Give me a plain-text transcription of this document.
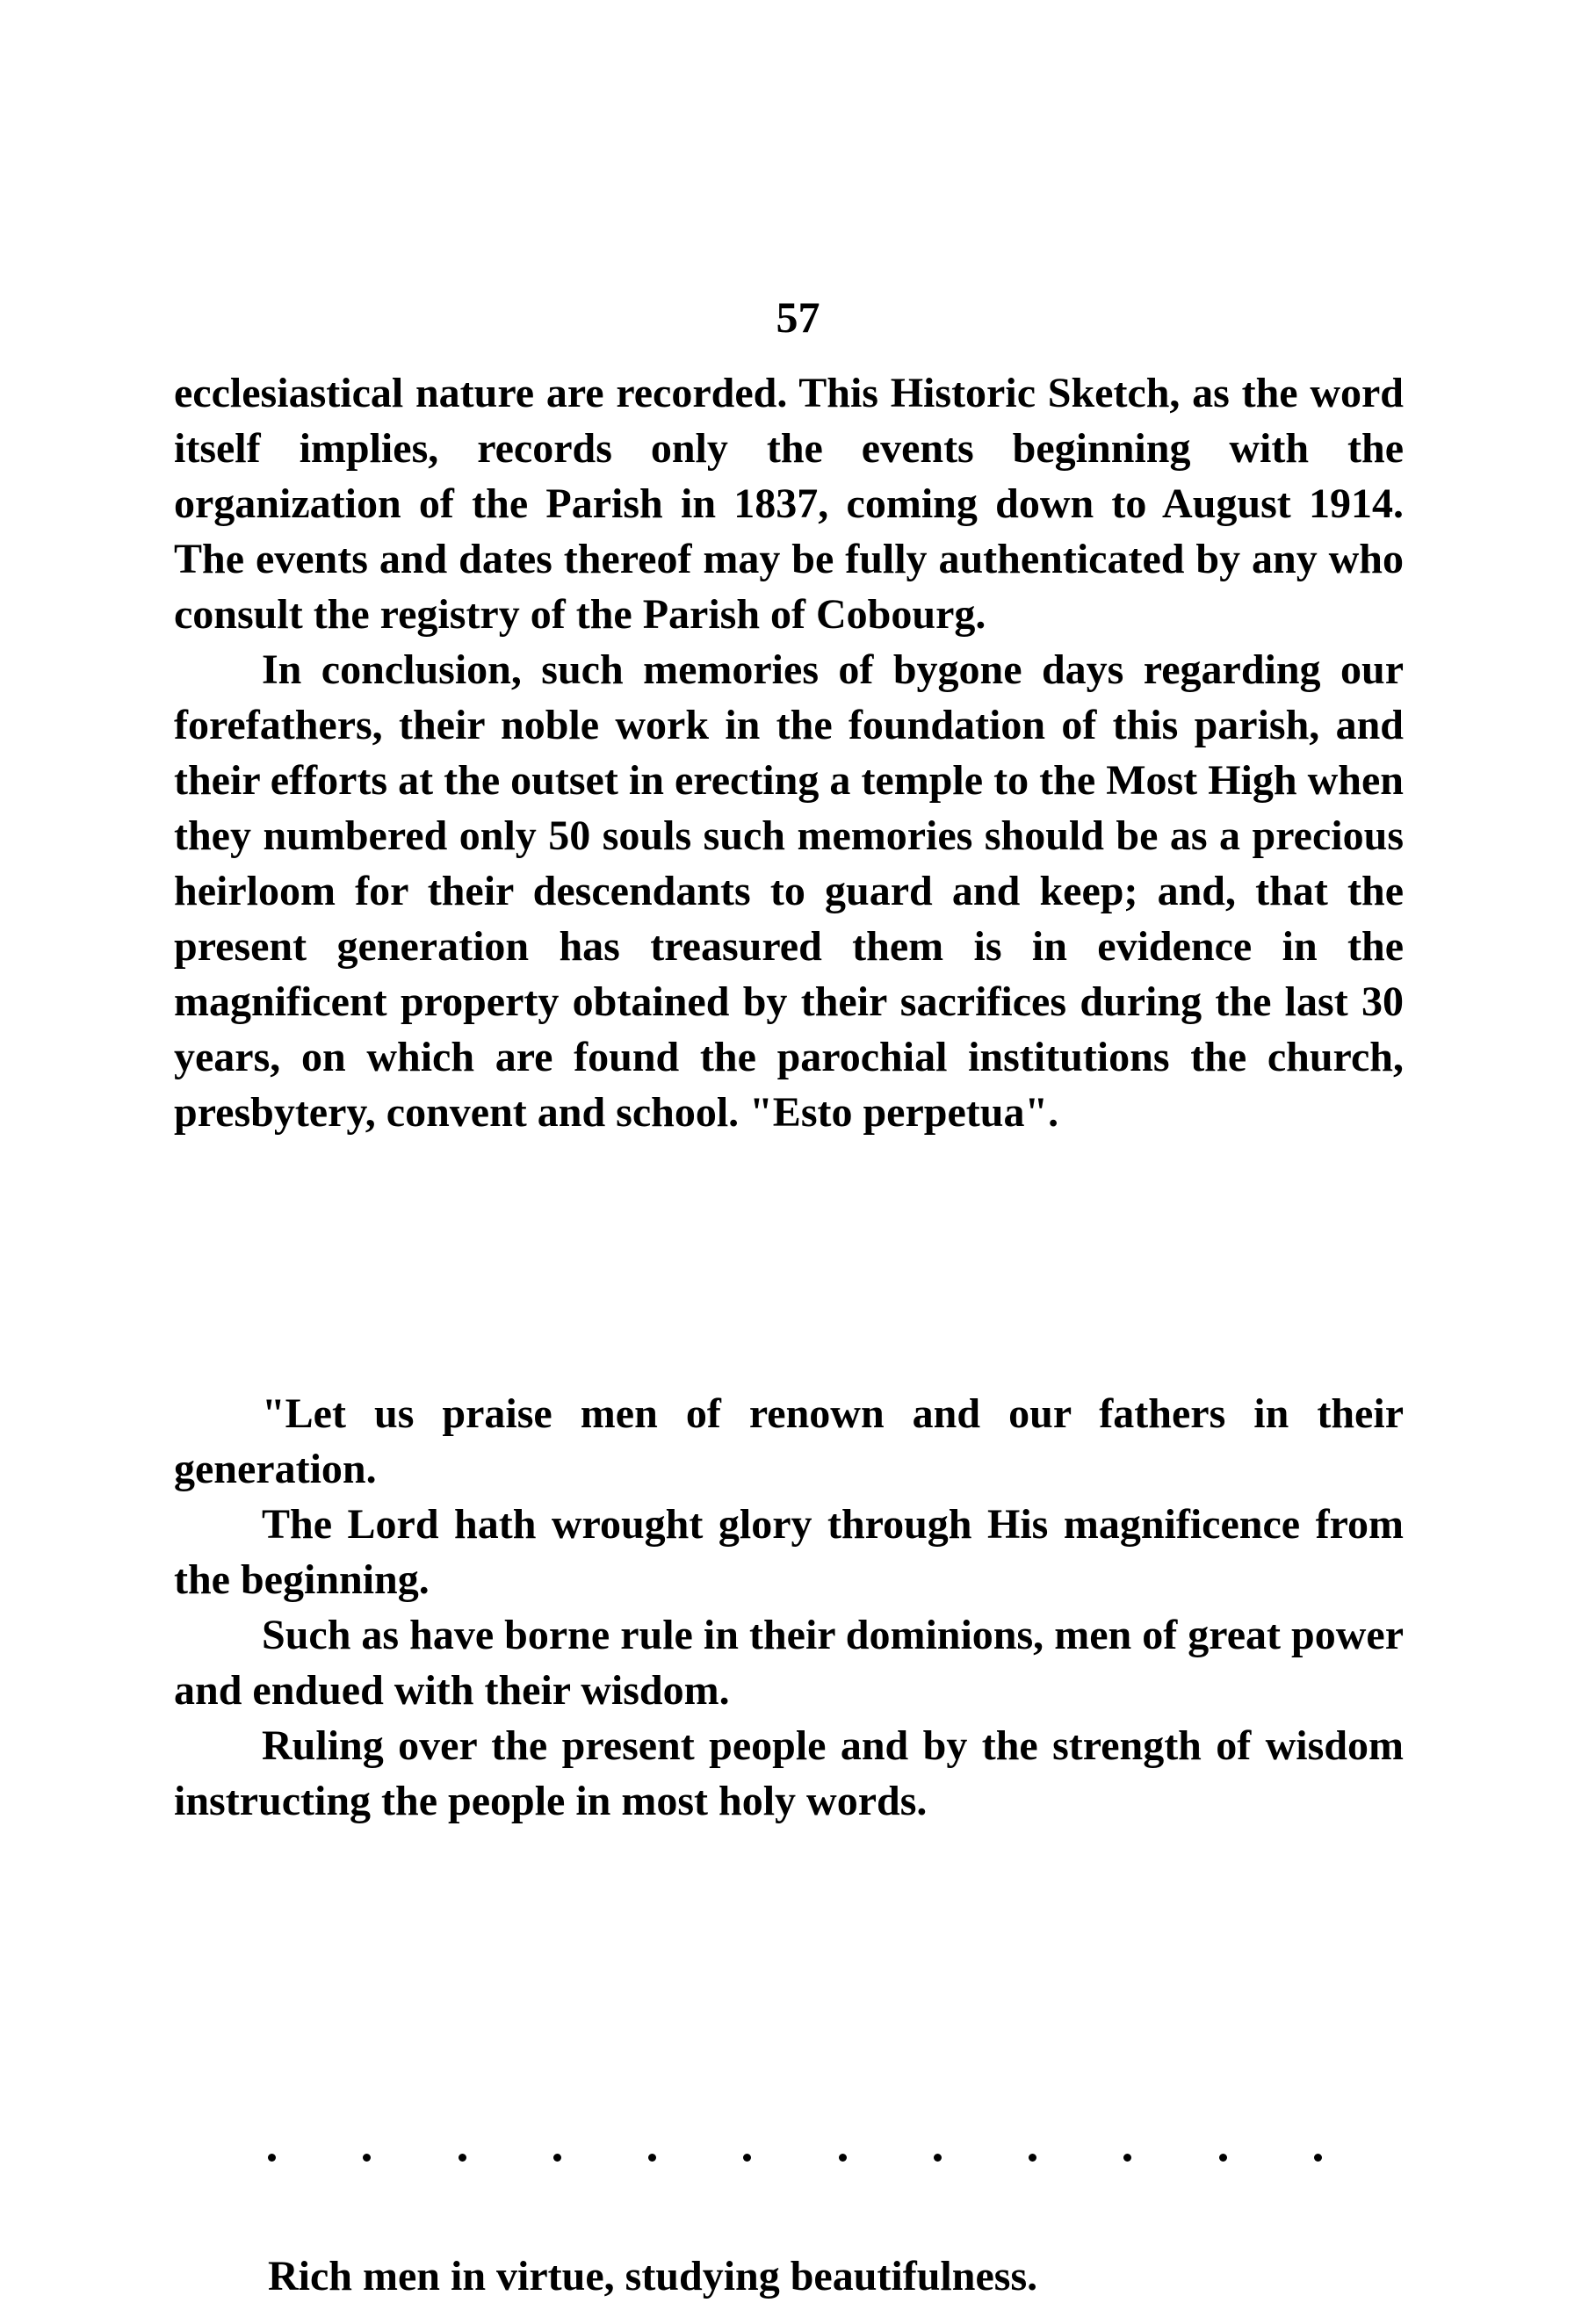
57

ecclesiastical nature are recorded. This Historic Sketch, as the word itself implies, records only the events beginning with the organization of the Parish in 1837, coming down to August 1914. The events and dates thereof may be fully authenticated by any who consult the registry of the Parish of Cobourg.

In conclusion, such memories of bygone days regarding our forefathers, their noble work in the foundation of this parish, and their efforts at the outset in erecting a temple to the Most High when they numbered only 50 souls such memories should be as a precious heirloom for their descendants to guard and keep; and, that the present generation has treasured them is in evidence in the magnificent property obtained by their sacrifices during the last 30 years, on which are found the parochial institutions the church, presbytery, convent and school. "Esto perpetua".

"Let us praise men of renown and our fathers in their generation.

The Lord hath wrought glory through His magnificence from the beginning.

Such as have borne rule in their dominions, men of great power and endued with their wisdom.

Ruling over the present people and by the strength of wisdom instructing the people in most holy words.

Rich men in virtue, studying beautifulness.
